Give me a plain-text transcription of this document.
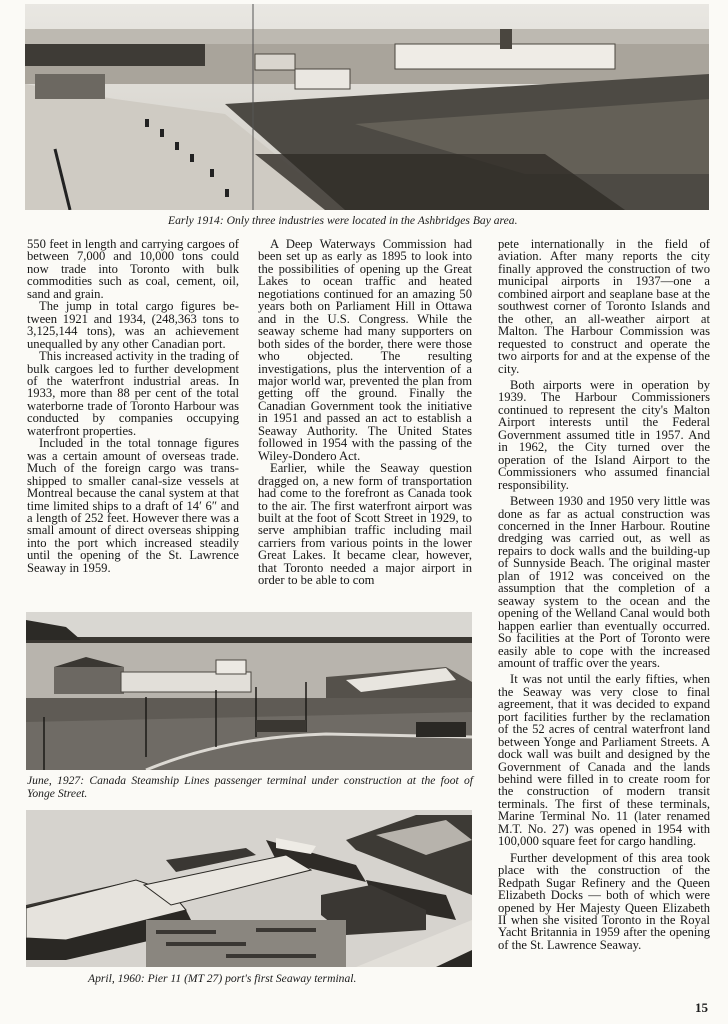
Early 1914: Only three industries were located in the Ashbridges Bay area.

550 feet in length and carrying cargoes of between 7,000 and 10,000 tons could now trade into Toronto with bulk commodities such as coal, cement, oil, sand and grain.

The jump in total cargo figures between 1921 and 1934, (248,363 tons to 3,125,144 tons), was an achievement unequalled by any other Canadian port.

This increased activity in the trading of bulk cargoes led to further development of the waterfront industrial areas. In 1933, more than 88 per cent of the total waterborne trade of Toronto Harbour was conducted by companies occupying waterfront properties.

Included in the total tonnage figures was a certain amount of overseas trade. Much of the foreign cargo was trans-shipped to smaller canal-size vessels at Montreal because the canal system at that time limited ships to a draft of 14′ 6″ and a length of 252 feet. However there was a small amount of direct overseas shipping into the port which increased steadily until the opening of the St. Lawrence Seaway in 1959.

A Deep Waterways Commission had been set up as early as 1895 to look into the possibilities of opening up the Great Lakes to ocean traffic and heated negotiations continued for an amazing 50 years both on Parliament Hill in Ottawa and in the U.S. Congress. While the seaway scheme had many supporters on both sides of the border, there were those who objected. The resulting investigations, plus the intervention of a major world war, prevented the plan from getting off the ground. Finally the Canadian Government took the initiative in 1951 and passed an act to establish a Seaway Authority. The United States followed in 1954 with the passing of the Wiley-Dondero Act.

Earlier, while the Seaway question dragged on, a new form of transportation had come to the forefront as Canada took to the air. The first waterfront airport was built at the foot of Scott Street in 1929, to serve amphibian traffic including mail carriers from various points in the lower Great Lakes. It became clear, however, that Toronto needed a major airport in order to be able to com

pete internationally in the field of aviation. After many reports the city finally approved the construction of two municipal airports in 1937—one a combined airport and seaplane base at the southwest corner of Toronto Islands and the other, an all-weather airport at Malton. The Harbour Commission was requested to construct and operate the two airports for and at the expense of the city.

Both airports were in operation by 1939. The Harbour Commissioners continued to represent the city's Malton Airport interests until the Federal Government assumed title in 1957. And in 1962, the City turned over the operation of the Island Airport to the Commissioners who assumed financial responsibility.

Between 1930 and 1950 very little was done as far as actual construction was concerned in the Inner Harbour. Routine dredging was carried out, as well as repairs to dock walls and the building-up of Sunnyside Beach. The original master plan of 1912 was conceived on the assumption that the completion of a seaway system to the ocean and the opening of the Welland Canal would both happen earlier than eventually occurred. So facilities at the Port of Toronto were easily able to cope with the increased amount of traffic over the years.

It was not until the early fifties, when the Seaway was very close to final agreement, that it was decided to expand port facilities further by the reclamation of the 52 acres of central waterfront land between Yonge and Parliament Streets. A dock wall was built and designed by the Government of Canada and the lands behind were filled in to create room for the construction of modern transit terminals. The first of these terminals, Marine Terminal No. 11 (later renamed M.T. No. 27) was opened in 1954 with 100,000 square feet for cargo handling.

Further development of this area took place with the construction of the Redpath Sugar Refinery and the Queen Elizabeth Docks — both of which were opened by Her Majesty Queen Elizabeth II when she visited Toronto in the Royal Yacht Britannia in 1959 after the opening of the St. Lawrence Seaway.

June, 1927: Canada Steamship Lines passenger terminal under construction at the foot of Yonge Street.
April, 1960: Pier 11 (MT 27) port's first Seaway terminal.
15
